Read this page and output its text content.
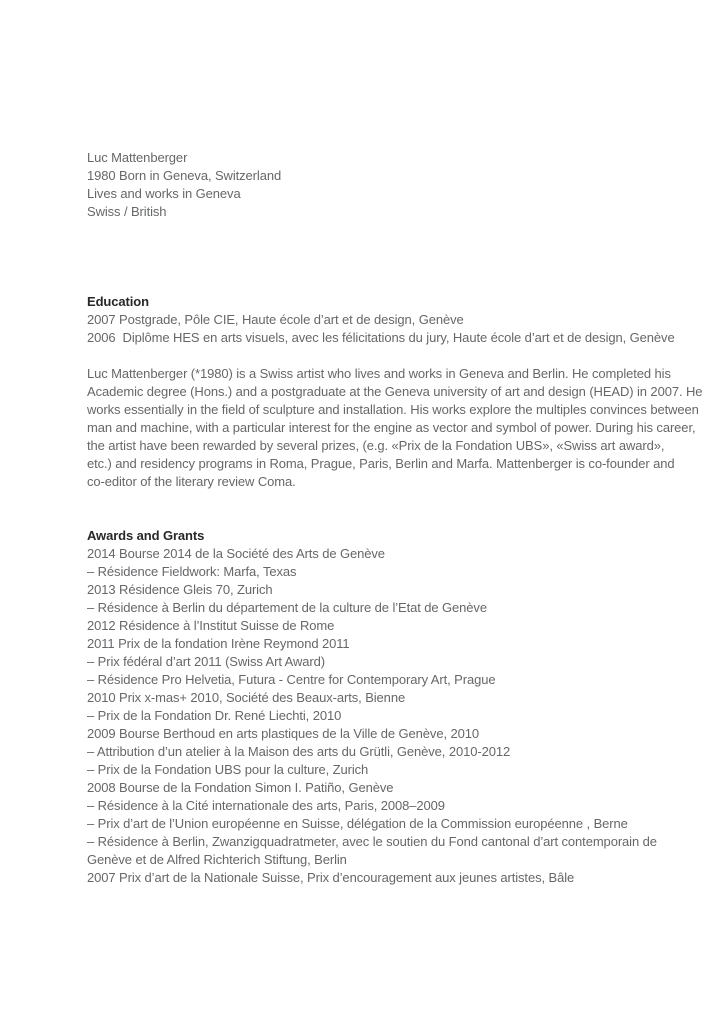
Luc Mattenberger
1980 Born in Geneva, Switzerland
Lives and works in Geneva
Swiss / British
Education
2007 Postgrade, Pôle CIE, Haute école d’art et de design, Genève
2006  Diplôme HES en arts visuels, avec les félicitations du jury, Haute école d’art et de design, Genève
Luc Mattenberger (*1980) is a Swiss artist who lives and works in Geneva and Berlin. He completed his
Academic degree (Hons.) and a postgraduate at the Geneva university of art and design (HEAD) in 2007. He
works essentially in the field of sculpture and installation. His works explore the multiples convinces between
man and machine, with a particular interest for the engine as vector and symbol of power. During his career,
the artist have been rewarded by several prizes, (e.g. «Prix de la Fondation UBS», «Swiss art award»,
etc.) and residency programs in Roma, Prague, Paris, Berlin and Marfa. Mattenberger is co-founder and
co-editor of the literary review Coma.
Awards and Grants
2014 Bourse 2014 de la Société des Arts de Genève
– Résidence Fieldwork: Marfa, Texas
2013 Résidence Gleis 70, Zurich
– Résidence à Berlin du département de la culture de l’Etat de Genève
2012 Résidence à l’Institut Suisse de Rome
2011 Prix de la fondation Irène Reymond 2011
– Prix fédéral d’art 2011 (Swiss Art Award)
– Résidence Pro Helvetia, Futura - Centre for Contemporary Art, Prague
2010 Prix x-mas+ 2010, Société des Beaux-arts, Bienne
– Prix de la Fondation Dr. René Liechti, 2010
2009 Bourse Berthoud en arts plastiques de la Ville de Genève, 2010
– Attribution d’un atelier à la Maison des arts du Grütli, Genève, 2010-2012
– Prix de la Fondation UBS pour la culture, Zurich
2008 Bourse de la Fondation Simon I. Patiño, Genève
– Résidence à la Cité internationale des arts, Paris, 2008–2009
– Prix d’art de l’Union européenne en Suisse, délégation de la Commission européenne , Berne
– Résidence à Berlin, Zwanzigquadratmeter, avec le soutien du Fond cantonal d’art contemporain de
Genève et de Alfred Richterich Stiftung, Berlin
2007 Prix d’art de la Nationale Suisse, Prix d’encouragement aux jeunes artistes, Bâle
